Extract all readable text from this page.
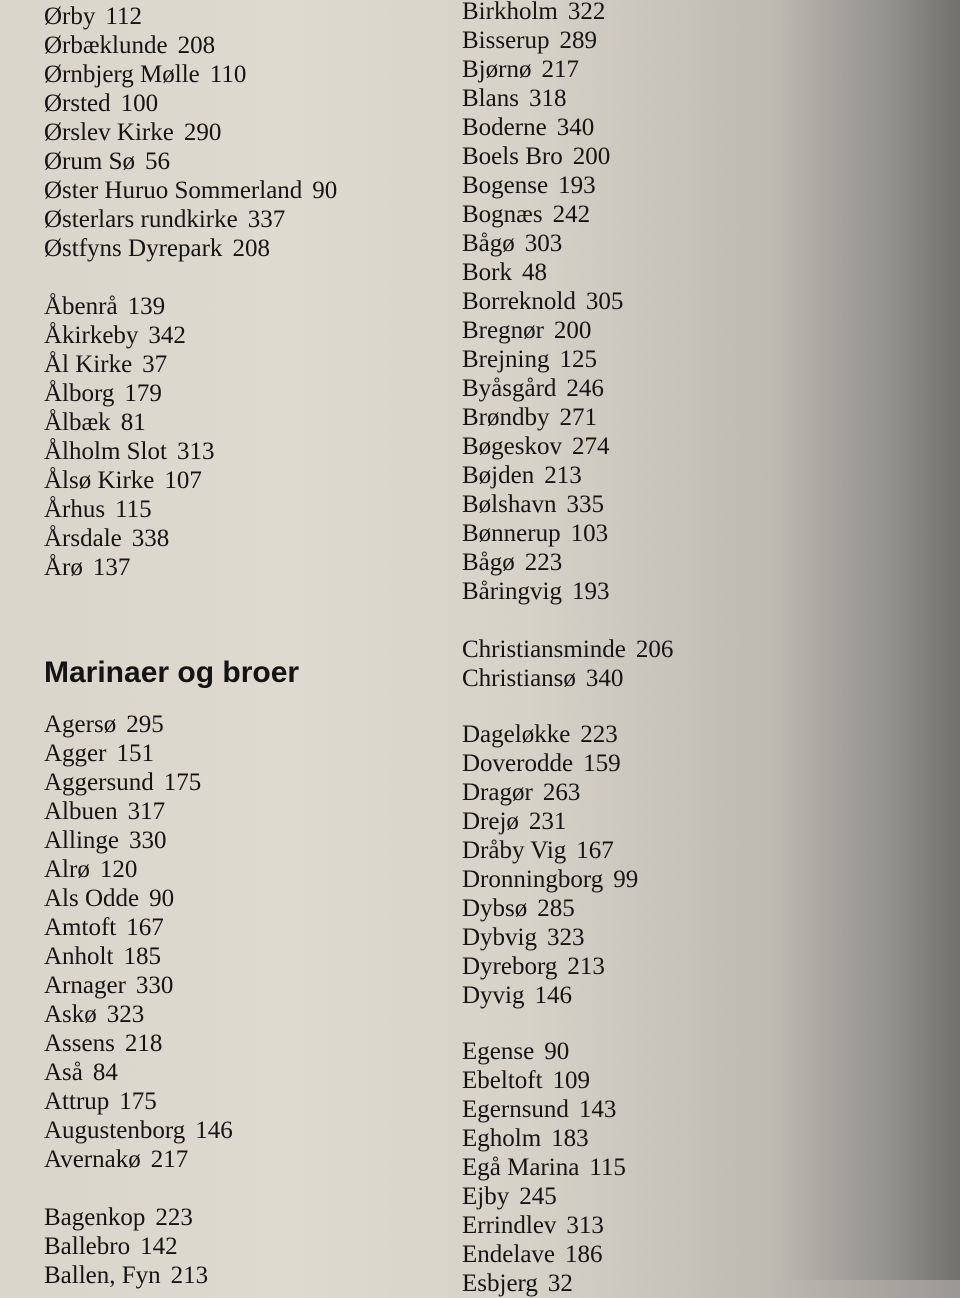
Ørby 112
Ørbæklunde 208
Ørnbjerg Mølle 110
Ørsted 100
Ørslev Kirke 290
Ørum Sø 56
Øster Huruo Sommerland 90
Østerlars rundkirke 337
Østfyns Dyrepark 208
Åbenrå 139
Åkirkeby 342
Ål Kirke 37
Ålborg 179
Ålbæk 81
Ålholm Slot 313
Ålsø Kirke 107
Århus 115
Årsdale 338
Årø 137
Marinaer og broer
Agersø 295
Agger 151
Aggersund 175
Albuen 317
Allinge 330
Alrø 120
Als Odde 90
Amtoft 167
Anholt 185
Arnager 330
Askø 323
Assens 218
Aså 84
Attrup 175
Augustenborg 146
Avernakø 217
Bagenkop 223
Ballebro 142
Ballen, Fyn 213
Birkholm 322
Bisserup 289
Bjørnø 217
Blans 318
Boderne 340
Boels Bro 200
Bogense 193
Bognæs 242
Bågø 303
Bork 48
Borreknold 305
Bregnør 200
Brejning 125
Byåsgård 246
Brøndby 271
Bøgeskov 274
Bøjden 213
Bølshavn 335
Bønnerup 103
Bågø 223
Båringvig 193
Christiansminde 206
Christiansø 340
Dageløkke 223
Doverodde 159
Dragør 263
Drejø 231
Dråby Vig 167
Dronningborg 99
Dybsø 285
Dybvig 323
Dyreborg 213
Dyvig 146
Egense 90
Ebeltoft 109
Egernsund 143
Egholm 183
Egå Marina 115
Ejby 245
Errindlev 313
Endelave 186
Esbjerg 32
